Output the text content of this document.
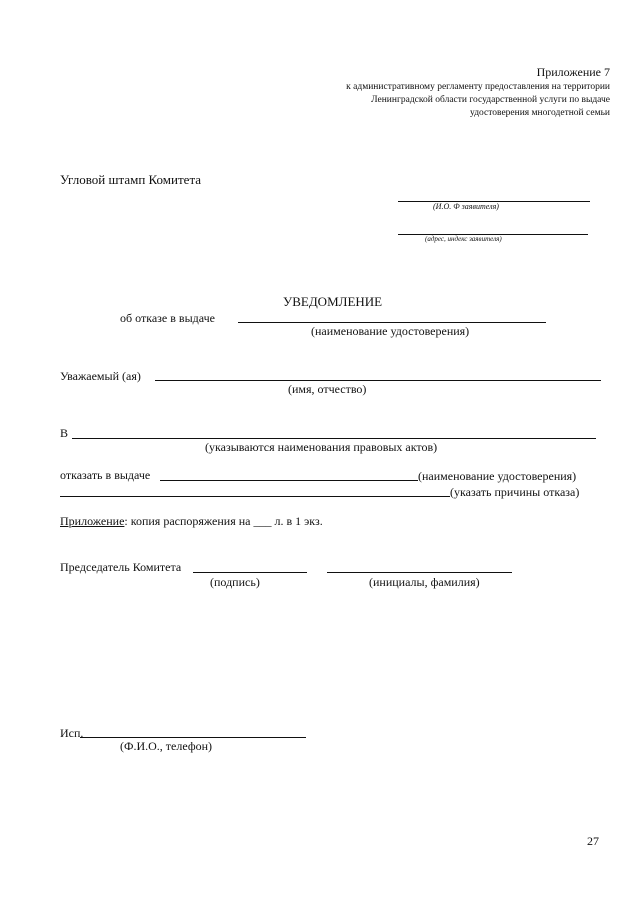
Приложение 7
к административному регламенту предоставления на территории
Ленинградской области государственной услуги по выдаче
удостоверения многодетной семьи
Угловой штамп Комитета
(И.О. Ф заявителя)
(адрес, индекс заявителя)
УВЕДОМЛЕНИЕ
об отказе в выдаче
(наименование удостоверения)
Уважаемый (ая)
(имя, отчество)
В
(указываются наименования правовых актов)
отказать в выдаче	(наименование удостоверения)
(указать причины отказа)
Приложение: копия распоряжения на ___ л. в 1 экз.
Председатель Комитета
(подпись)	(инициалы, фамилия)
Исп.
(Ф.И.О., телефон)
27
